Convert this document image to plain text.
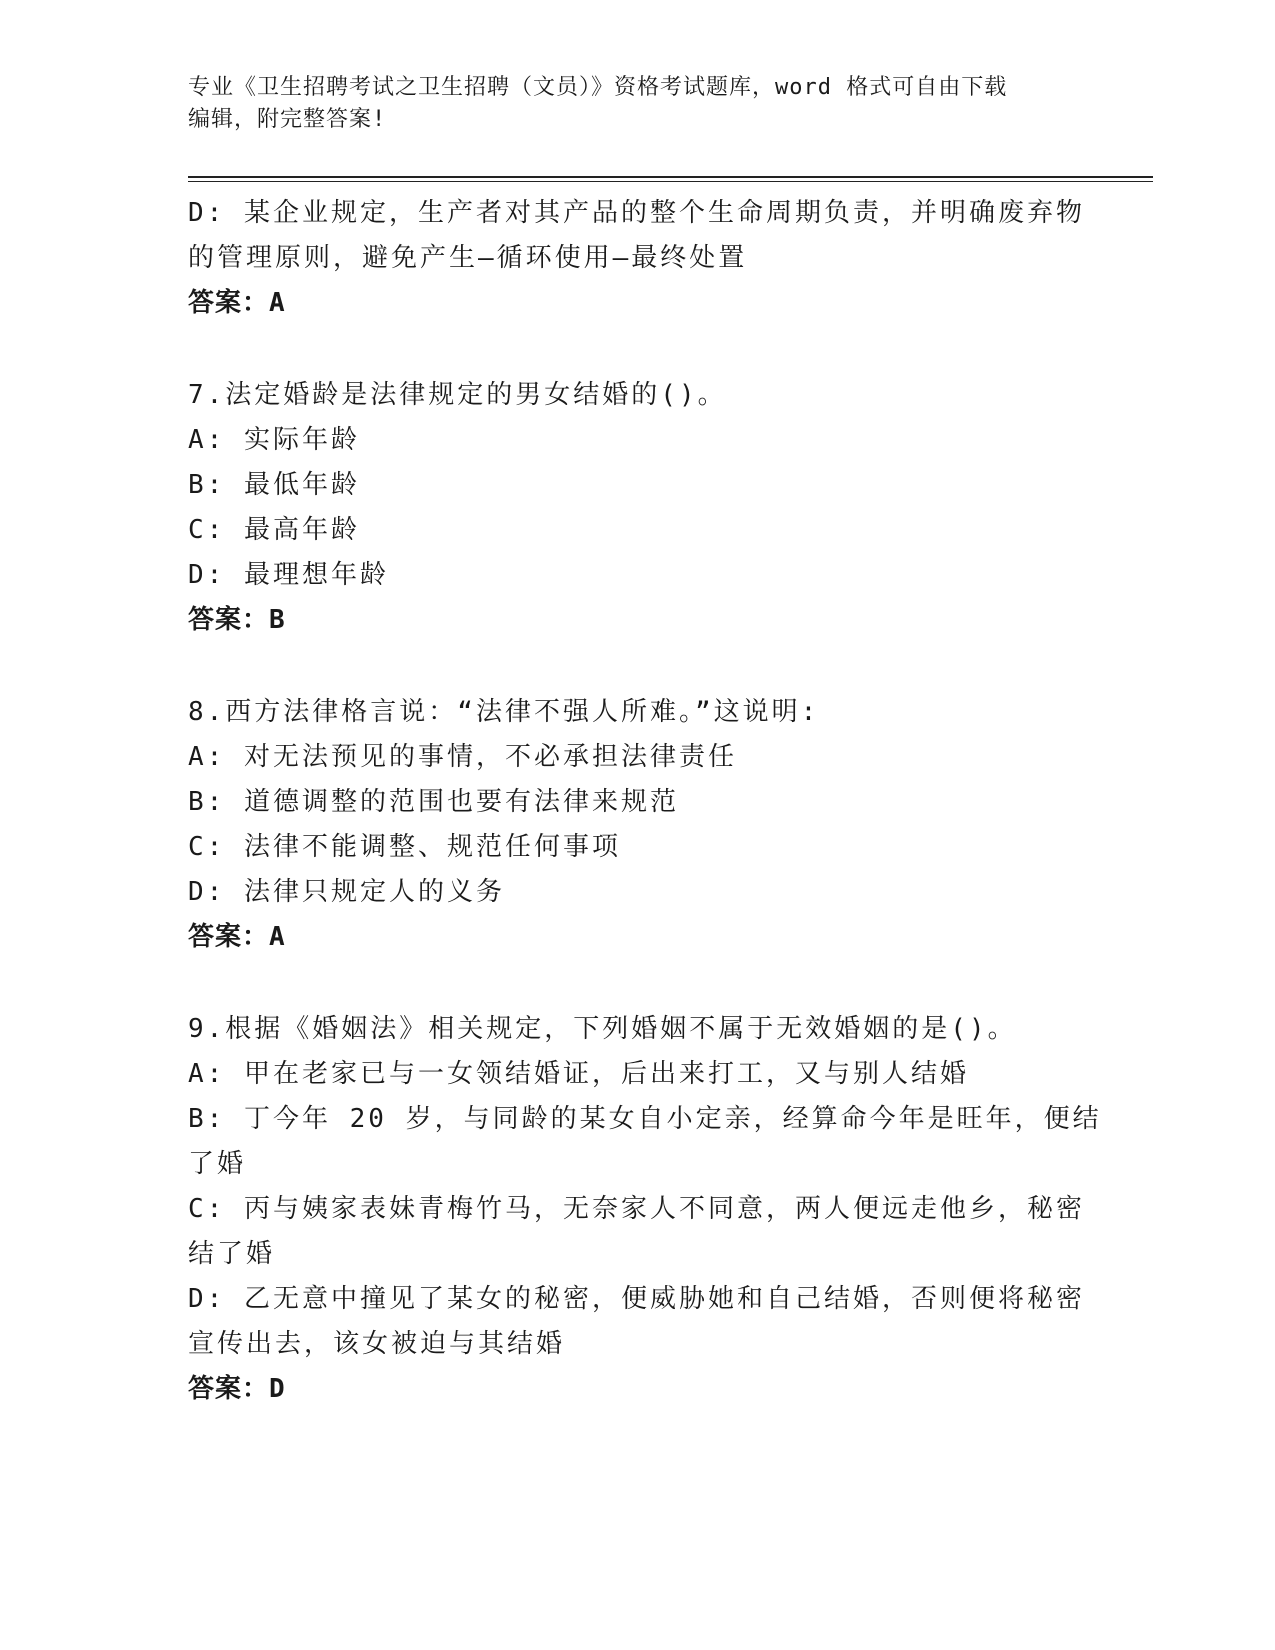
专业《卫生招聘考试之卫生招聘（文员）》资格考试题库，word 格式可自由下载
编辑，附完整答案!
D: 某企业规定，生产者对其产品的整个生命周期负责，并明确废弃物
的管理原则，避免产生—循环使用—最终处置
答案：A
7.法定婚龄是法律规定的男女结婚的()。
A: 实际年龄
B: 最低年龄
C: 最高年龄
D: 最理想年龄
答案：B
8.西方法律格言说：“法律不强人所难。”这说明:
A: 对无法预见的事情，不必承担法律责任
B: 道德调整的范围也要有法律来规范
C: 法律不能调整、规范任何事项
D: 法律只规定人的义务
答案：A
9.根据《婚姻法》相关规定，下列婚姻不属于无效婚姻的是()。
A: 甲在老家已与一女领结婚证，后出来打工，又与别人结婚
B: 丁今年 20 岁，与同龄的某女自小定亲，经算命今年是旺年，便结
了婚
C: 丙与姨家表妹青梅竹马，无奈家人不同意，两人便远走他乡，秘密
结了婚
D: 乙无意中撞见了某女的秘密，便威胁她和自己结婚，否则便将秘密
宣传出去，该女被迫与其结婚
答案：D
